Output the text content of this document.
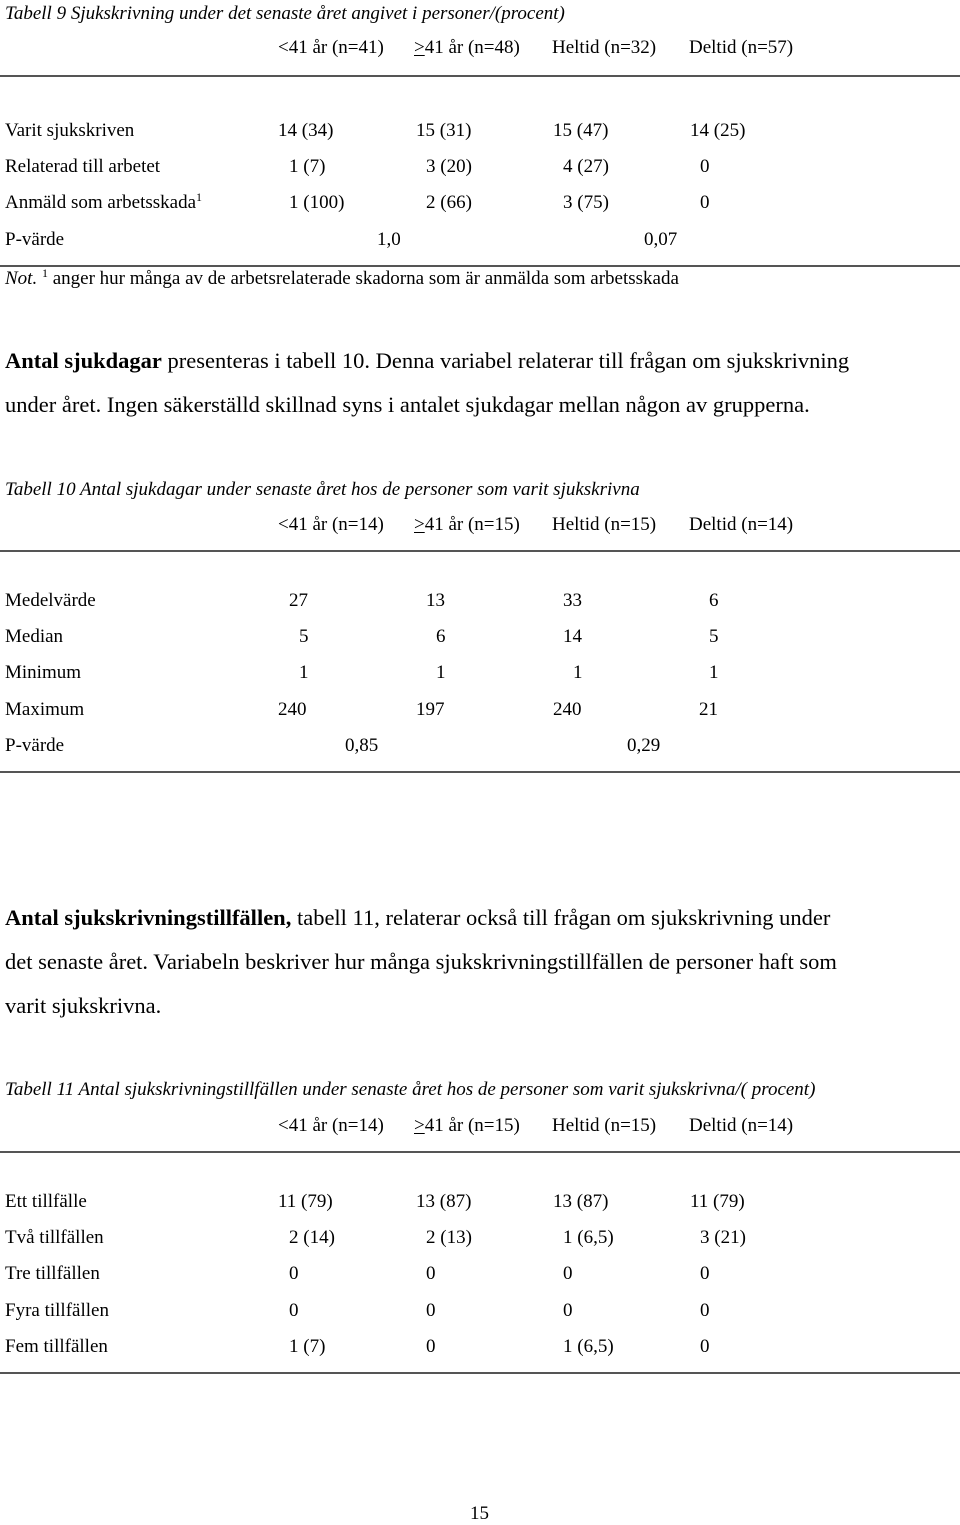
Tabell 9 Sjukskrivning under det senaste året angivet i personer/(procent)
<41 år (n=41) >41 år (n=48) Heltid (n=32) Deltid (n=57)
Varit sjukskriven	14 (34)	15 (31)	15 (47)	14 (25)
Relaterad till arbetet	1 (7)	3 (20)	4 (27)	0
Anmäld som arbetsskada$^1$	1 (100)	2 (66)	3 (75)	0
P-värde	1,0	0,07
Not. $^1$ anger hur många av de arbetsrelaterade skadorna som är anmälda som arbetsskada
Antal sjukdagar presenteras i tabell 10. Denna variabel relaterar till frågan om sjukskrivning
under året. Ingen säkerställd skillnad syns i antalet sjukdagar mellan någon av grupperna.
Tabell 10 Antal sjukdagar under senaste året hos de personer som varit sjukskrivna
<41 år (n=14) >41 år (n=15) Heltid (n=15) Deltid (n=14)
Medelvärde	27	13	33	6
Median	5	6	14	5
Minimum	1	1	1	1
Maximum	240	197	240	21
P-värde	0,85	0,29
Antal sjukskrivningstillfällen, tabell 11, relaterar också till frågan om sjukskrivning under
det senaste året. Variabeln beskriver hur många sjukskrivningstillfällen de personer haft som
varit sjukskrivna.
Tabell 11 Antal sjukskrivningstillfällen under senaste året hos de personer som varit sjukskrivna/( procent)
<41 år (n=14) >41 år (n=15) Heltid (n=15) Deltid (n=14)
Ett tillfälle	11 (79)	13 (87)	13 (87)	11 (79)
Två tillfällen	2 (14)	2 (13)	1 (6,5)	3 (21)
Tre tillfällen	0	0	0	0
Fyra tillfällen	0	0	0	0
Fem tillfällen	1 (7)	0	1 (6,5)	0
15
